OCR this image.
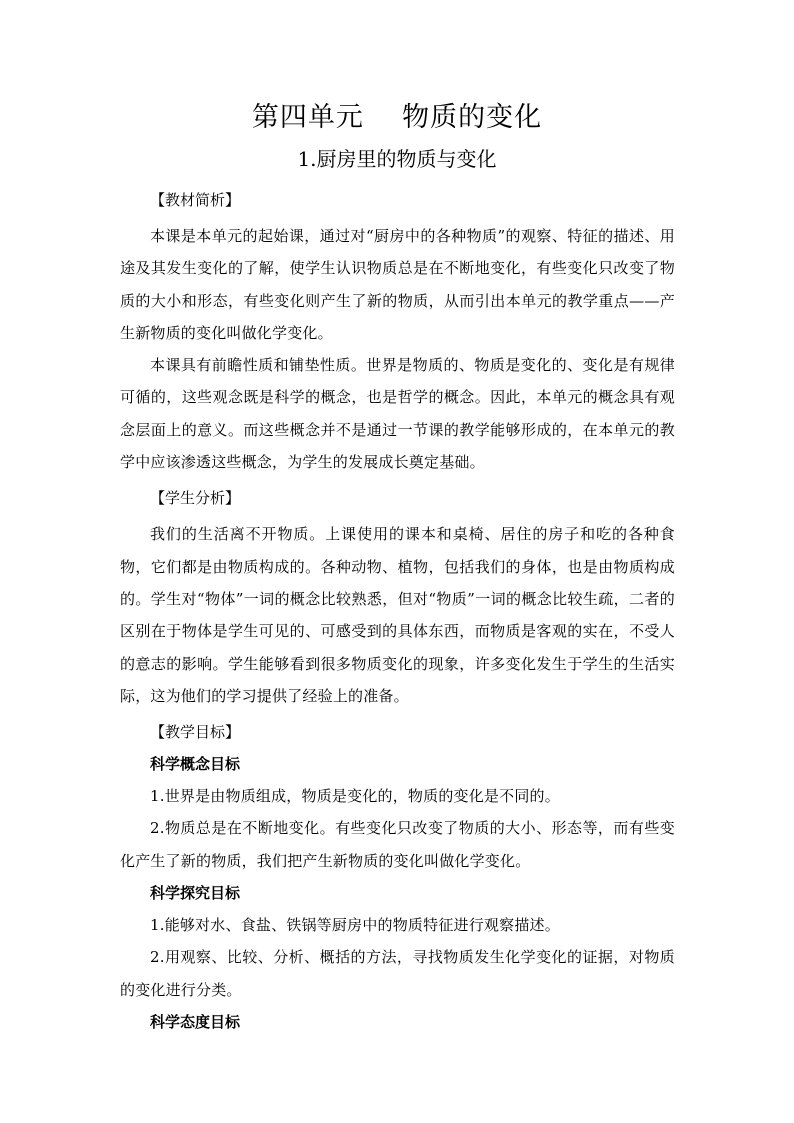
第四单元    物质的变化
1.厨房里的物质与变化
【教材简析】

本课是本单元的起始课，通过对“厨房中的各种物质”的观察、特征的描述、用途及其发生变化的了解，使学生认识物质总是在不断地变化，有些变化只改变了物质的大小和形态，有些变化则产生了新的物质，从而引出本单元的教学重点——产生新物质的变化叫做化学变化。

本课具有前瞻性质和铺垫性质。世界是物质的、物质是变化的、变化是有规律可循的，这些观念既是科学的概念，也是哲学的概念。因此，本单元的概念具有观念层面上的意义。而这些概念并不是通过一节课的教学能够形成的，在本单元的教学中应该渗透这些概念，为学生的发展成长奠定基础。

【学生分析】

我们的生活离不开物质。上课使用的课本和桌椅、居住的房子和吃的各种食物，它们都是由物质构成的。各种动物、植物，包括我们的身体，也是由物质构成的。学生对“物体”一词的概念比较熟悉，但对“物质”一词的概念比较生疏，二者的区别在于物体是学生可见的、可感受到的具体东西，而物质是客观的实在，不受人的意志的影响。学生能够看到很多物质变化的现象，许多变化发生于学生的生活实际，这为他们的学习提供了经验上的准备。

【教学目标】
科学概念目标

1.世界是由物质组成，物质是变化的，物质的变化是不同的。

2.物质总是在不断地变化。有些变化只改变了物质的大小、形态等，而有些变化产生了新的物质，我们把产生新物质的变化叫做化学变化。

科学探究目标

1.能够对水、食盐、铁锅等厨房中的物质特征进行观察描述。

2.用观察、比较、分析、概括的方法，寻找物质发生化学变化的证据，对物质的变化进行分类。

科学态度目标
